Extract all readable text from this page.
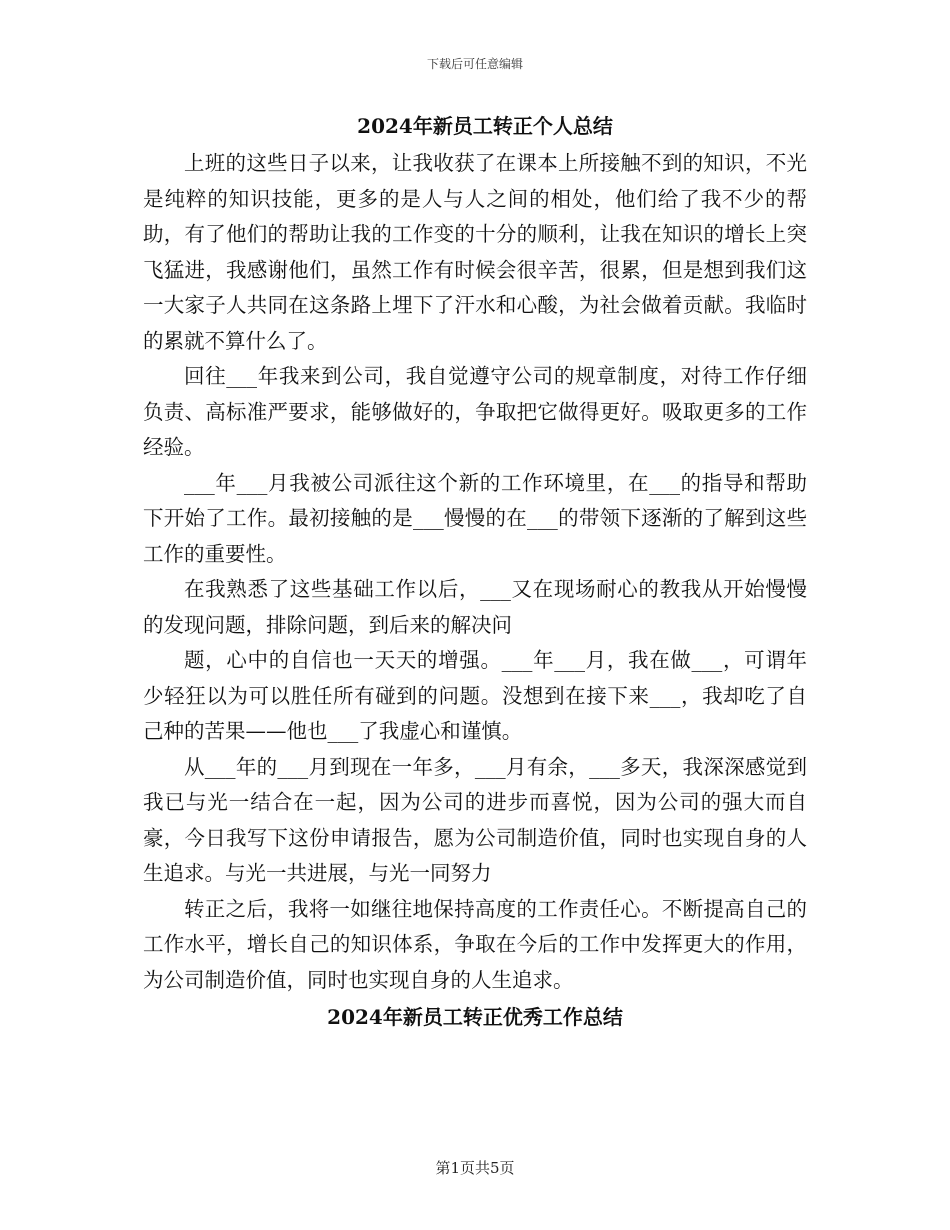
下载后可任意编辑
2024年新员工转正个人总结

上班的这些日子以来，让我收获了在课本上所接触不到的知识，不光是纯粹的知识技能，更多的是人与人之间的相处，他们给了我不少的帮助，有了他们的帮助让我的工作变的十分的顺利，让我在知识的增长上突飞猛进，我感谢他们，虽然工作有时候会很辛苦，很累，但是想到我们这一大家子人共同在这条路上埋下了汗水和心酸，为社会做着贡献。我临时的累就不算什么了。

回往___年我来到公司，我自觉遵守公司的规章制度，对待工作仔细负责、高标准严要求，能够做好的，争取把它做得更好。吸取更多的工作经验。

___年___月我被公司派往这个新的工作环境里，在___的指导和帮助下开始了工作。最初接触的是___慢慢的在___的带领下逐渐的了解到这些工作的重要性。

在我熟悉了这些基础工作以后，___又在现场耐心的教我从开始慢慢的发现问题，排除问题，到后来的解决问

题，心中的自信也一天天的增强。___年___月，我在做___，可谓年少轻狂以为可以胜任所有碰到的问题。没想到在接下来___，我却吃了自己种的苦果——他也___了我虚心和谨慎。

从___年的___月到现在一年多，___月有余，___多天，我深深感觉到我已与光一结合在一起，因为公司的进步而喜悦，因为公司的强大而自豪，今日我写下这份申请报告，愿为公司制造价值，同时也实现自身的人生追求。与光一共进展，与光一同努力

转正之后，我将一如继往地保持高度的工作责任心。不断提高自己的工作水平，增长自己的知识体系，争取在今后的工作中发挥更大的作用，为公司制造价值，同时也实现自身的人生追求。

2024年新员工转正优秀工作总结
第1页共5页
